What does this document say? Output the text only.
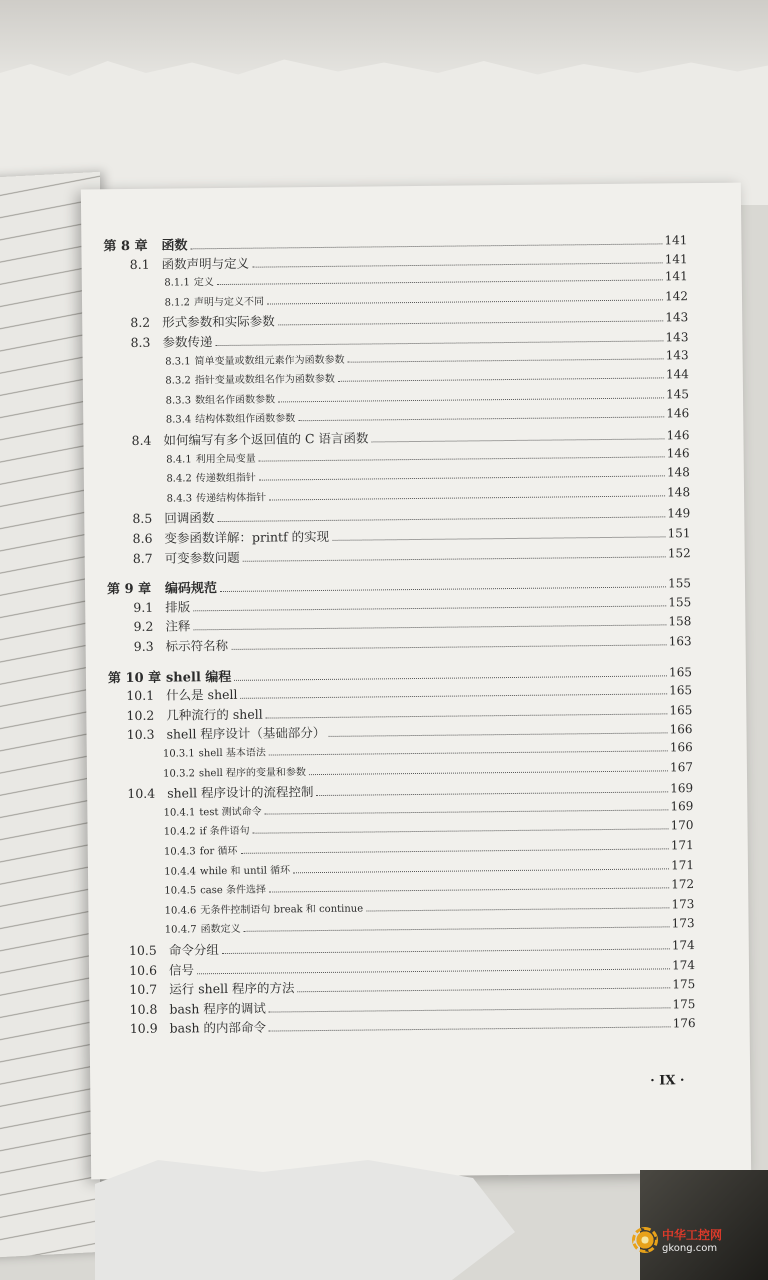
第 8 章	函数	141
8.1 函数声明与定义	141
8.1.1 定义	141
8.1.2 声明与定义不同	142
8.2 形式参数和实际参数	143
8.3 参数传递	143
8.3.1 简单变量或数组元素作为函数参数	143
8.3.2 指针变量或数组名作为函数参数	144
8.3.3 数组名作函数参数	145
8.3.4 结构体数组作函数参数	146
8.4 如何编写有多个返回值的 C 语言函数	146
8.4.1 利用全局变量	146
8.4.2 传递数组指针	148
8.4.3 传递结构体指针	148
8.5 回调函数	149
8.6 变参函数详解：printf 的实现	151
8.7 可变参数问题	152
第 9 章	编码规范	155
9.1 排版	155
9.2 注释	158
9.3 标示符名称	163
第 10 章 shell 编程	165
10.1 什么是 shell	165
10.2 几种流行的 shell	165
10.3 shell 程序设计（基础部分）	166
10.3.1 shell 基本语法	166
10.3.2 shell 程序的变量和参数	167
10.4 shell 程序设计的流程控制	169
10.4.1 test 测试命令	169
10.4.2 if 条件语句	170
10.4.3 for 循环	171
10.4.4 while 和 until 循环	171
10.4.5 case 条件选择	172
10.4.6 无条件控制语句 break 和 continue	173
10.4.7 函数定义	173
10.5 命令分组	174
10.6 信号	174
10.7 运行 shell 程序的方法	175
10.8 bash 程序的调试	175
10.9 bash 的内部命令	176
· IX ·
中华工控网
gkong.com
